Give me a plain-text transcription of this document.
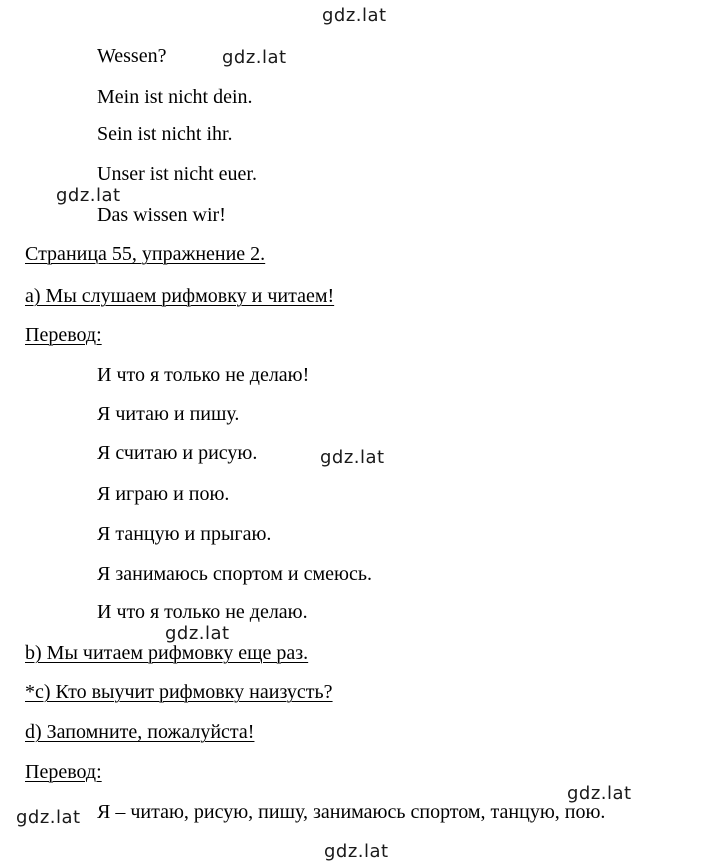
gdz.lat
gdz.lat
gdz.lat
gdz.lat
gdz.lat
gdz.lat
gdz.lat
gdz.lat
Wessen?
Mein ist nicht dein.
Sein ist nicht ihr.
Unser ist nicht euer.
Das wissen wir!
Страница 55, упражнение 2.
а) Мы слушаем рифмовку и читаем!
Перевод:
И что я только не делаю!
Я читаю и пишу.
Я считаю и рисую.
Я играю и пою.
Я танцую и прыгаю.
Я занимаюсь спортом и смеюсь.
И что я только не делаю.
b) Мы читаем рифмовку еще раз.
*c) Кто выучит рифмовку наизусть?
d) Запомните, пожалуйста!
Перевод:
Я – читаю, рисую, пишу, занимаюсь спортом, танцую, пою.
